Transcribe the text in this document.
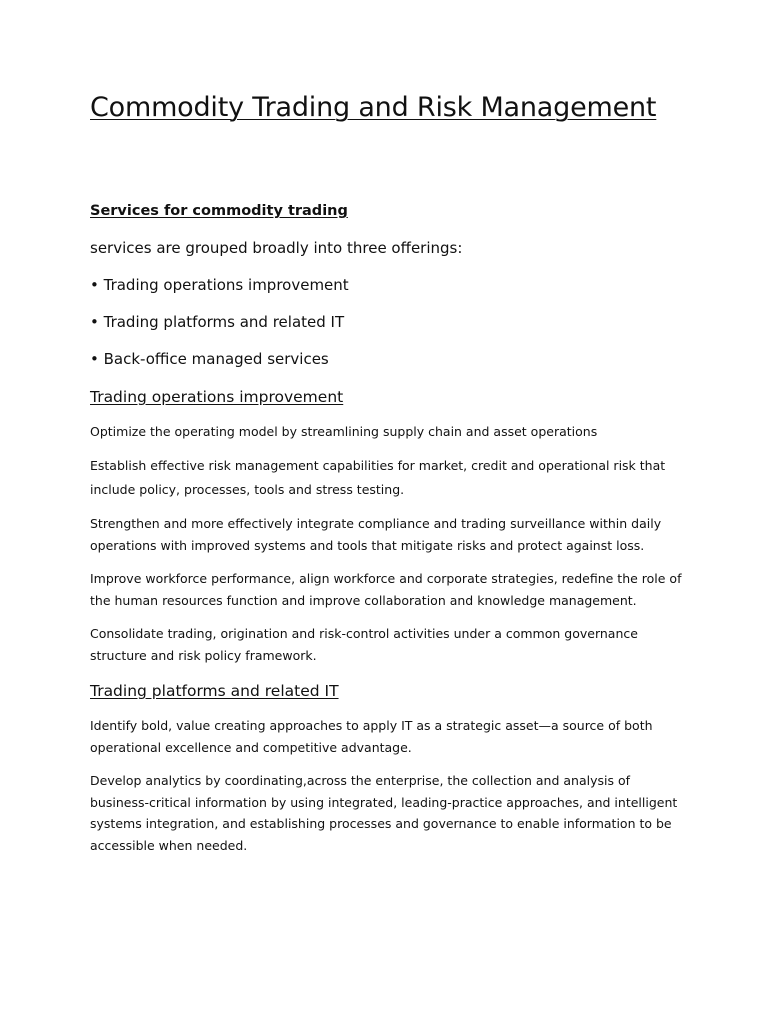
Commodity Trading and Risk Management

Services for commodity trading

services are grouped broadly into three offerings:

• Trading operations improvement

• Trading platforms and related IT

• Back-office managed services

Trading operations improvement

Optimize the operating model by streamlining supply chain and asset operations

Establish effective risk management capabilities for market, credit and operational risk that include policy, processes, tools and stress testing.

Strengthen and more effectively integrate compliance and trading surveillance within daily operations with improved systems and tools that mitigate risks and protect against loss.

Improve workforce performance, align workforce and corporate strategies, redefine the role of the human resources function and improve collaboration and knowledge management.

Consolidate trading, origination and risk-control activities under a common governance structure and risk policy framework.

Trading platforms and related IT

Identify bold, value creating approaches to apply IT as a strategic asset—a source of both operational excellence and competitive advantage.

Develop analytics by coordinating,across the enterprise, the collection and analysis of business-critical information by using integrated, leading-practice approaches, and intelligent systems integration, and establishing processes and governance to enable information to be accessible when needed.
